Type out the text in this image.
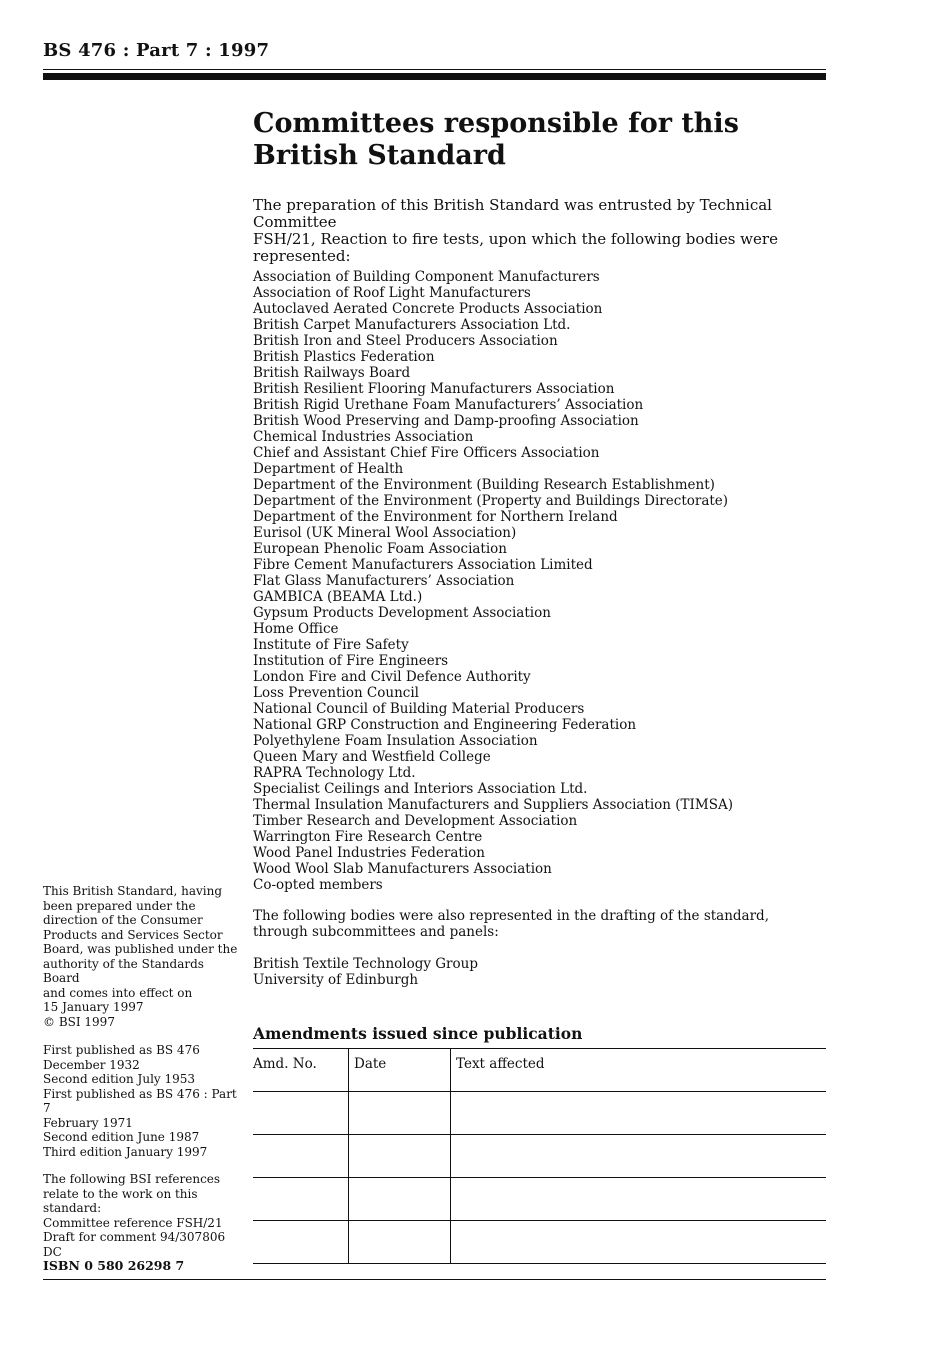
BS 476 : Part 7 : 1997
Committees responsible for this
British Standard
The preparation of this British Standard was entrusted by Technical Committee
FSH/21, Reaction to fire tests, upon which the following bodies were represented:
Association of Building Component Manufacturers
Association of Roof Light Manufacturers
Autoclaved Aerated Concrete Products Association
British Carpet Manufacturers Association Ltd.
British Iron and Steel Producers Association
British Plastics Federation
British Railways Board
British Resilient Flooring Manufacturers Association
British Rigid Urethane Foam Manufacturers’ Association
British Wood Preserving and Damp-proofing Association
Chemical Industries Association
Chief and Assistant Chief Fire Officers Association
Department of Health
Department of the Environment (Building Research Establishment)
Department of the Environment (Property and Buildings Directorate)
Department of the Environment for Northern Ireland
Eurisol (UK Mineral Wool Association)
European Phenolic Foam Association
Fibre Cement Manufacturers Association Limited
Flat Glass Manufacturers’ Association
GAMBICA (BEAMA Ltd.)
Gypsum Products Development Association
Home Office
Institute of Fire Safety
Institution of Fire Engineers
London Fire and Civil Defence Authority
Loss Prevention Council
National Council of Building Material Producers
National GRP Construction and Engineering Federation
Polyethylene Foam Insulation Association
Queen Mary and Westfield College
RAPRA Technology Ltd.
Specialist Ceilings and Interiors Association Ltd.
Thermal Insulation Manufacturers and Suppliers Association (TIMSA)
Timber Research and Development Association
Warrington Fire Research Centre
Wood Panel Industries Federation
Wood Wool Slab Manufacturers Association
Co-opted members
The following bodies were also represented in the drafting of the standard, through subcommittees and panels:
British Textile Technology Group
University of Edinburgh
Amendments issued since publication
Amd. No.	Date	Text affected

This British Standard, having
been prepared under the
direction of the Consumer
Products and Services Sector
Board, was published under the
authority of the Standards Board
and comes into effect on
15 January 1997
© BSI 1997
First published as BS 476
December 1932
Second edition July 1953
First published as BS 476 : Part 7
February 1971
Second edition June 1987
Third edition January 1997
The following BSI references
relate to the work on this
standard:
Committee reference FSH/21
Draft for comment 94/307806 DC
ISBN 0 580 26298 7
